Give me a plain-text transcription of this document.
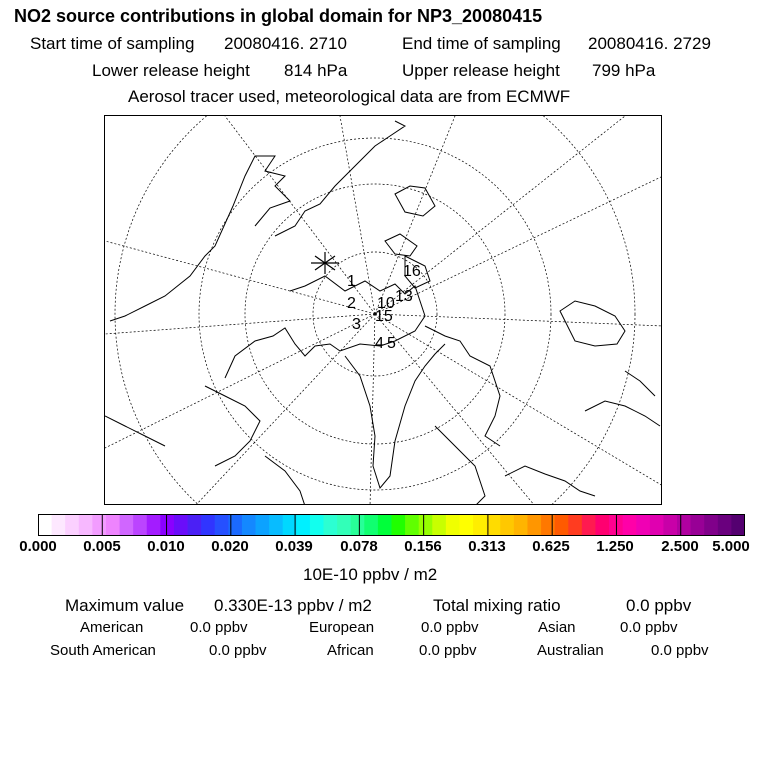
NO2 source contributions in global domain for NP3_20080415
Start time of sampling 20080416. 2710	End time of sampling 20080416. 2729
Lower release height 814 hPa	Upper release height 799 hPa
Aerosol tracer used, meteorological data are from ECMWF
1
2
3
4 5
13
15
16
10
0.000 0.005 0.010 0.020 0.039 0.078 0.156 0.313 0.625 1.250 2.500 5.000
10E-10 ppbv / m2
Maximum value 0.330E-13 ppbv / m2	Total mixing ratio	0.0 ppbv
American	0.0 ppbv	European	0.0 ppbv	Asian	0.0 ppbv
South American	0.0 ppbv	African	0.0 ppbv	Australian	0.0 ppbv
